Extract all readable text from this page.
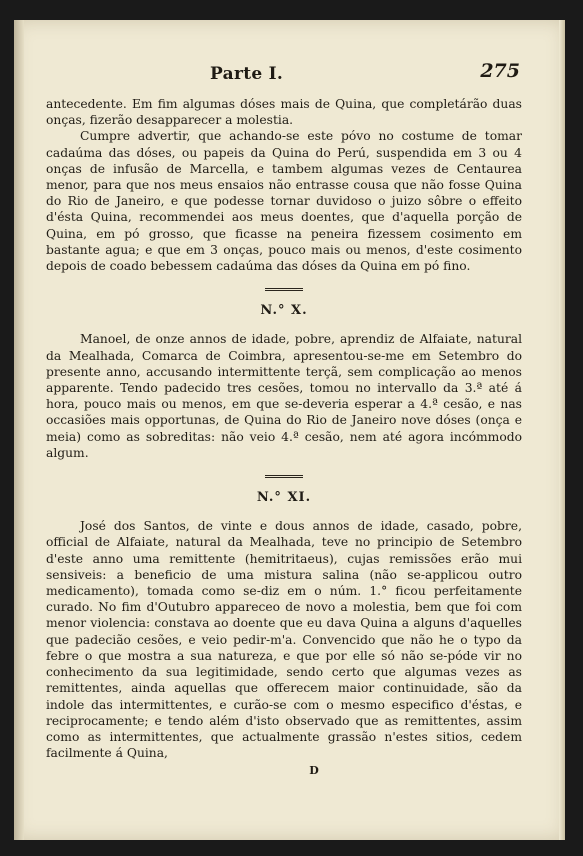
Parte I.	275

antecedente. Em fim algumas dóses mais de Quina, que completárão duas onças, fizerão desapparecer a molestia.

Cumpre advertir, que achando-se este póvo no costume de tomar cadaúma das dóses, ou papeis da Quina do Perú, suspendida em 3 ou 4 onças de infusão de Marcella, e tambem algumas vezes de Centaurea menor, para que nos meus ensaios não entrasse cousa que não fosse Quina do Rio de Janeiro, e que podesse tornar duvidoso o juizo sôbre o effeito d'ésta Quina, recommendei aos meus doentes, que d'aquella porção de Quina, em pó grosso, que ficasse na peneira fizessem cosimento em bastante agua; e que em 3 onças, pouco mais ou menos, d'este cosimento depois de coado bebessem cadaúma das dóses da Quina em pó fino.

N.° X.

Manoel, de onze annos de idade, pobre, aprendiz de Alfaiate, natural da Mealhada, Comarca de Coimbra, apresentou-se-me em Setembro do presente anno, accusando intermittente terçã, sem complicação ao menos apparente. Tendo padecido tres cesões, tomou no intervallo da 3.ª até á hora, pouco mais ou menos, em que se-deveria esperar a 4.ª cesão, e nas occasiões mais opportunas, de Quina do Rio de Janeiro nove dóses (onça e meia) como as sobreditas: não veio 4.ª cesão, nem até agora incómmodo algum.

N.° XI.

José dos Santos, de vinte e dous annos de idade, casado, pobre, official de Alfaiate, natural da Mealhada, teve no principio de Setembro d'este anno uma remittente (hemitritaeus), cujas remissões erão mui sensiveis: a beneficio de uma mistura salina (não se-applicou outro medicamento), tomada como se-diz em o núm. 1.° ficou perfeitamente curado. No fim d'Outubro appareceo de novo a molestia, bem que foi com menor violencia: constava ao doente que eu dava Quina a alguns d'aquelles que padecião cesões, e veio pedir-m'a. Convencido que não he o typo da febre o que mostra a sua natureza, e que por elle só não se-póde vir no conhecimento da sua legitimidade, sendo certo que algumas vezes as remittentes, ainda aquellas que offerecem maior continuidade, são da indole das intermittentes, e curão-se com o mesmo especifico d'éstas, e reciprocamente; e tendo além d'isto observado que as remittentes, assim como as intermittentes, que actualmente grassão n'estes sitios, cedem facilmente á Quina,

D
